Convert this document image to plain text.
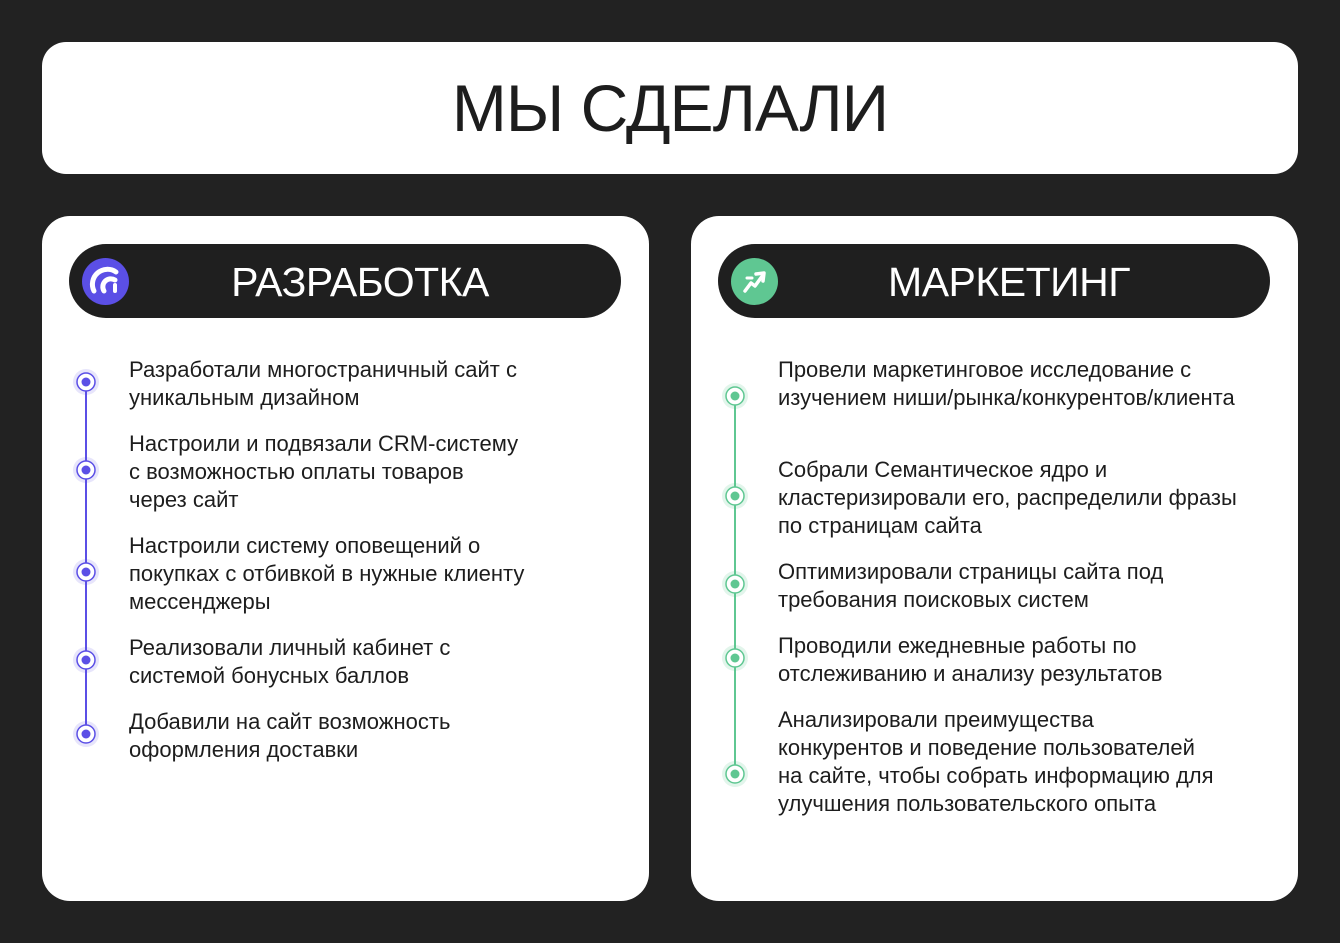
МЫ СДЕЛАЛИ
РАЗРАБОТКА
Разработали многостраничный сайт с уникальным дизайном
Настроили и подвязали CRM-систему с возможностью оплаты товаров через сайт
Настроили систему оповещений о покупках с отбивкой в нужные клиенту мессенджеры
Реализовали личный кабинет с системой бонусных баллов
Добавили на сайт возможность оформления доставки
МАРКЕТИНГ
Провели маркетинговое исследование с изучением ниши/рынка/конкурентов/клиента
Собрали Семантическое ядро и кластеризировали его, распределили фразы по страницам сайта
Оптимизировали страницы сайта под требования поисковых систем
Проводили ежедневные работы по отслеживанию и анализу результатов
Анализировали преимущества конкурентов и поведение пользователей на сайте, чтобы собрать информацию для улучшения пользовательского опыта
